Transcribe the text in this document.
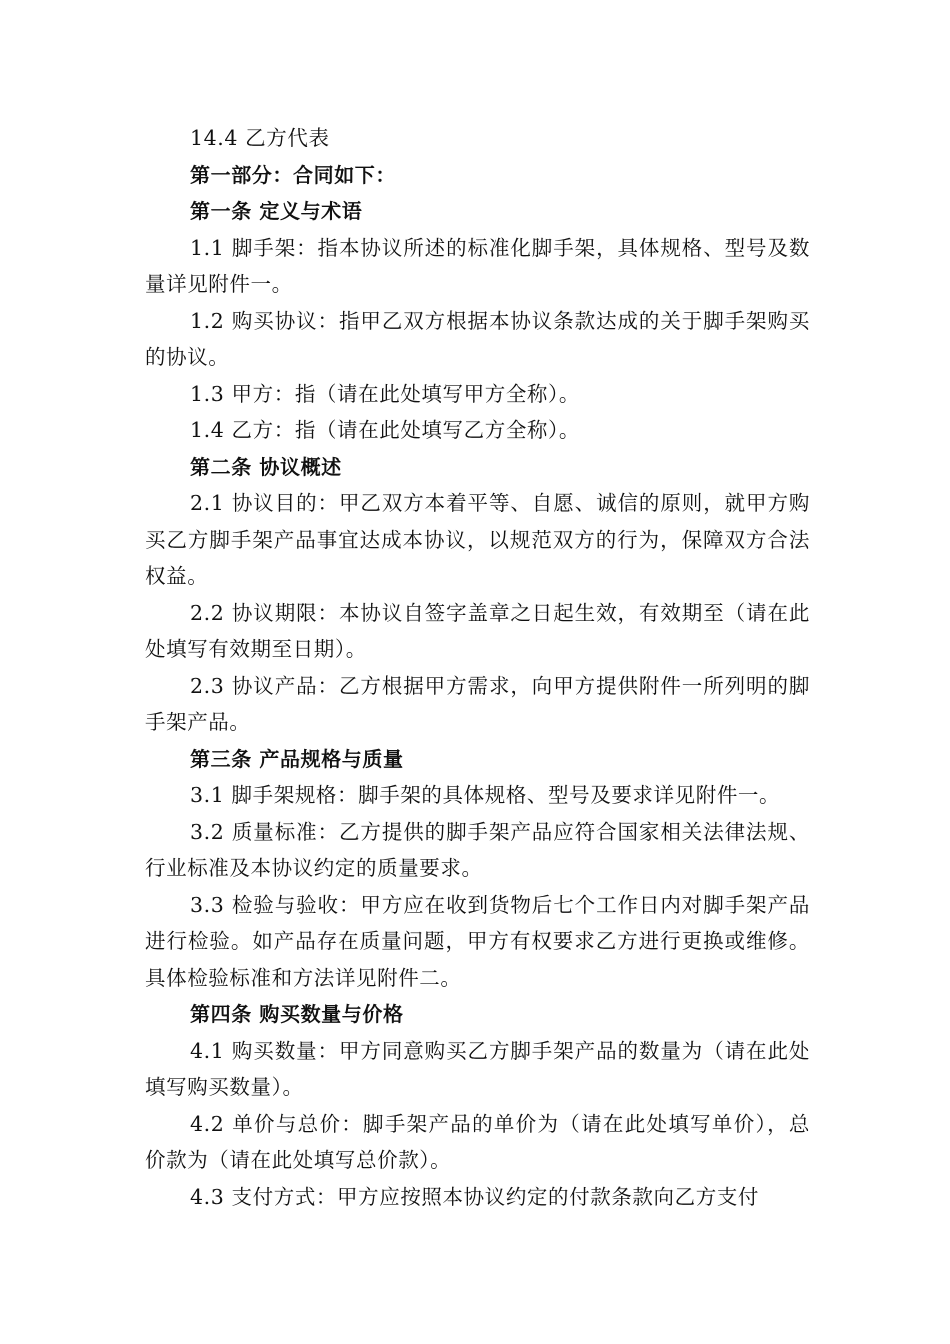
14.4 乙方代表

第一部分：合同如下：

第一条 定义与术语

1.1 脚手架：指本协议所述的标准化脚手架，具体规格、型号及数量详见附件一。

1.2 购买协议：指甲乙双方根据本协议条款达成的关于脚手架购买的协议。

1.3 甲方：指（请在此处填写甲方全称）。

1.4 乙方：指（请在此处填写乙方全称）。

第二条 协议概述

2.1 协议目的：甲乙双方本着平等、自愿、诚信的原则，就甲方购买乙方脚手架产品事宜达成本协议，以规范双方的行为，保障双方合法权益。

2.2 协议期限：本协议自签字盖章之日起生效，有效期至（请在此处填写有效期至日期）。

2.3 协议产品：乙方根据甲方需求，向甲方提供附件一所列明的脚手架产品。

第三条 产品规格与质量

3.1 脚手架规格：脚手架的具体规格、型号及要求详见附件一。

3.2 质量标准：乙方提供的脚手架产品应符合国家相关法律法规、行业标准及本协议约定的质量要求。

3.3 检验与验收：甲方应在收到货物后七个工作日内对脚手架产品进行检验。如产品存在质量问题，甲方有权要求乙方进行更换或维修。具体检验标准和方法详见附件二。

第四条 购买数量与价格

4.1 购买数量：甲方同意购买乙方脚手架产品的数量为（请在此处填写购买数量）。

4.2 单价与总价：脚手架产品的单价为（请在此处填写单价），总价款为（请在此处填写总价款）。

4.3 支付方式：甲方应按照本协议约定的付款条款向乙方支付
